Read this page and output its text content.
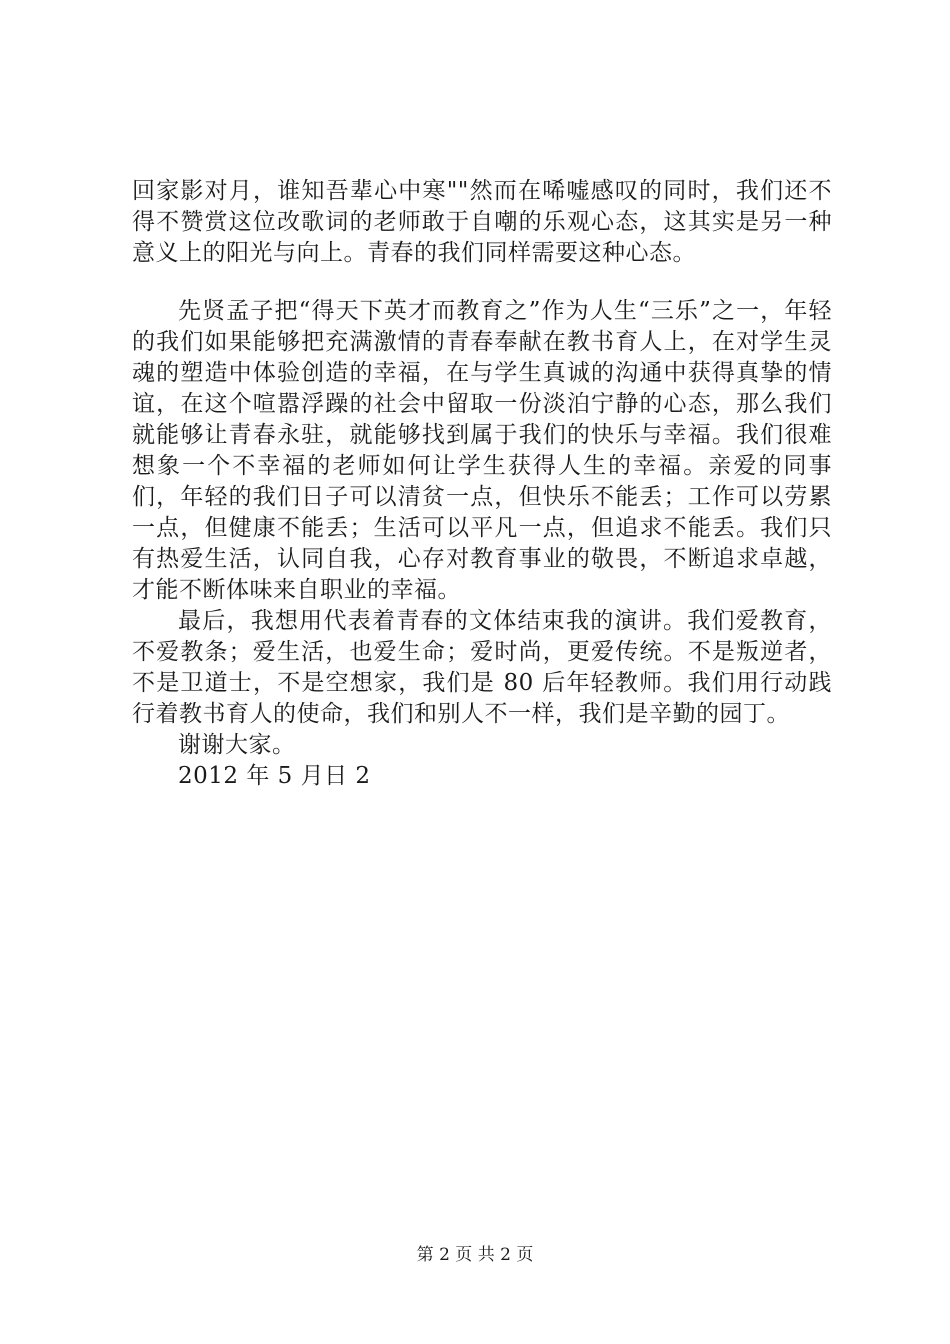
回家影对月，谁知吾辈心中寒""然而在唏嘘感叹的同时，我们还不得不赞赏这位改歌词的老师敢于自嘲的乐观心态，这其实是另一种意义上的阳光与向上。青春的我们同样需要这种心态。

先贤孟子把“得天下英才而教育之”作为人生“三乐”之一，年轻的我们如果能够把充满激情的青春奉献在教书育人上，在对学生灵魂的塑造中体验创造的幸福，在与学生真诚的沟通中获得真挚的情谊，在这个喧嚣浮躁的社会中留取一份淡泊宁静的心态，那么我们就能够让青春永驻，就能够找到属于我们的快乐与幸福。我们很难想象一个不幸福的老师如何让学生获得人生的幸福。亲爱的同事们，年轻的我们日子可以清贫一点，但快乐不能丢；工作可以劳累一点，但健康不能丢；生活可以平凡一点，但追求不能丢。我们只有热爱生活，认同自我，心存对教育事业的敬畏，不断追求卓越，才能不断体味来自职业的幸福。

最后，我想用代表着青春的文体结束我的演讲。我们爱教育，不爱教条；爱生活，也爱生命；爱时尚，更爱传统。不是叛逆者，不是卫道士，不是空想家，我们是 80 后年轻教师。我们用行动践行着教书育人的使命，我们和别人不一样，我们是辛勤的园丁。

谢谢大家。

2012 年 5 月日 2

第 2 页 共 2 页
